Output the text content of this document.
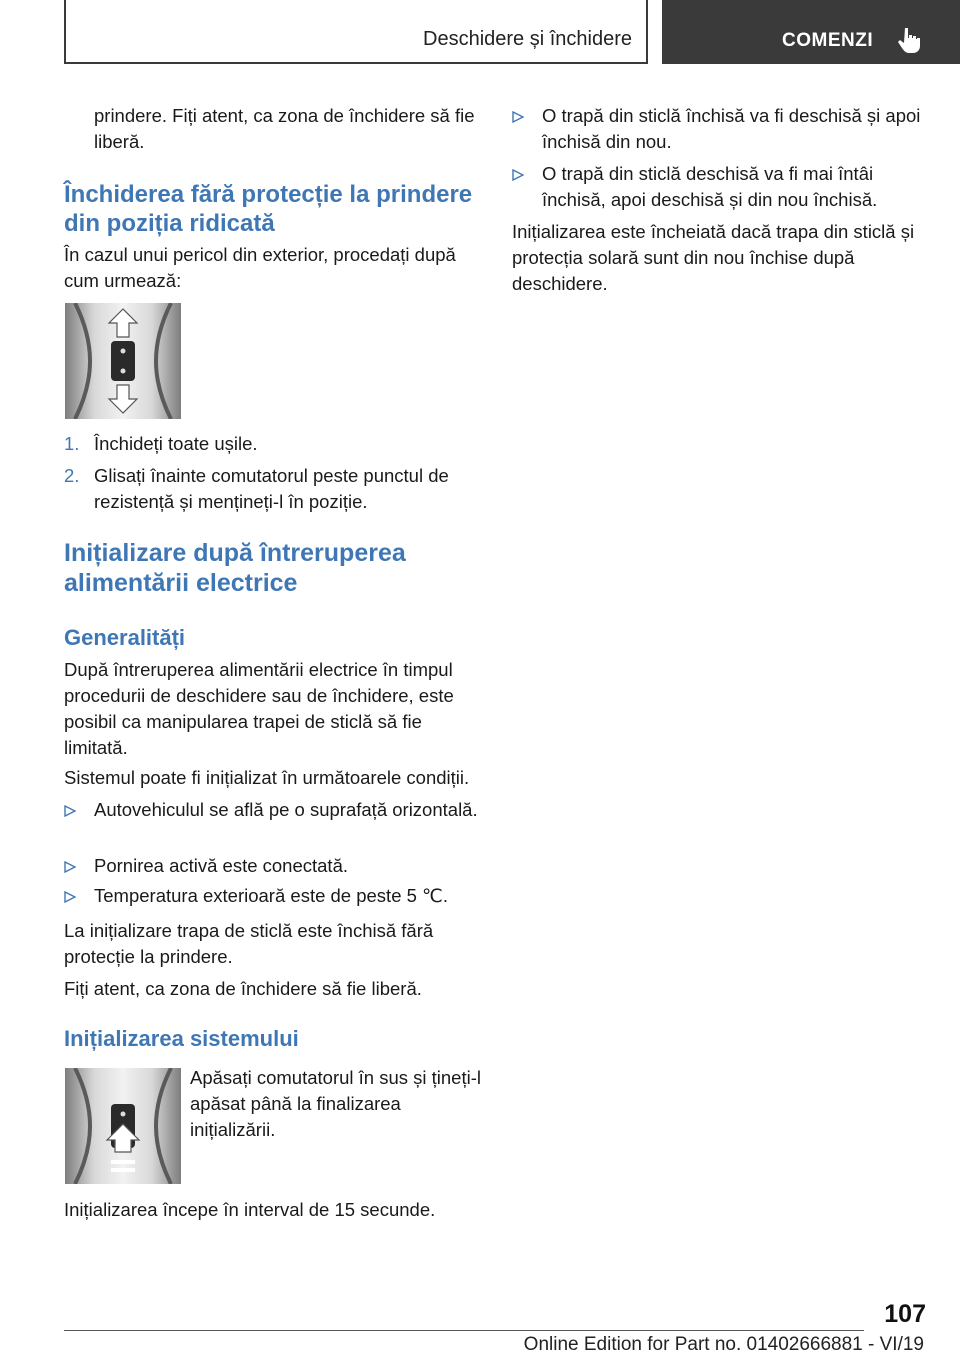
Deschidere și închidere	COMENZI

prindere. Fiți atent, ca zona de închidere să fie liberă.

Închiderea fără protecție la prindere din poziția ridicată

În cazul unui pericol din exterior, procedați după cum urmează:

1. Închideți toate ușile.
2. Glisați înainte comutatorul peste punctul de rezistență și mențineți-l în poziție.
Inițializare după întreruperea alimentării electrice
Generalități

După întreruperea alimentării electrice în timpul procedurii de deschidere sau de închidere, este posibil ca manipularea trapei de sticlă să fie limitată.

Sistemul poate fi inițializat în următoarele condiții.

Autovehiculul se află pe o suprafață orizontală.
Pornirea activă este conectată.
Temperatura exterioară este de peste 5 ℃.

La inițializare trapa de sticlă este închisă fără protecție la prindere.

Fiți atent, ca zona de închidere să fie liberă.

Inițializarea sistemului

Apăsați comutatorul în sus și țineți-l apăsat până la finalizarea inițializării.

Inițializarea începe în interval de 15 secunde.

O trapă din sticlă închisă va fi deschisă și apoi închisă din nou.
O trapă din sticlă deschisă va fi mai întâi închisă, apoi deschisă și din nou închisă.

Inițializarea este încheiată dacă trapa din sticlă și protecția solară sunt din nou închise după deschidere.

107
Online Edition for Part no. 01402666881 - VI/19
